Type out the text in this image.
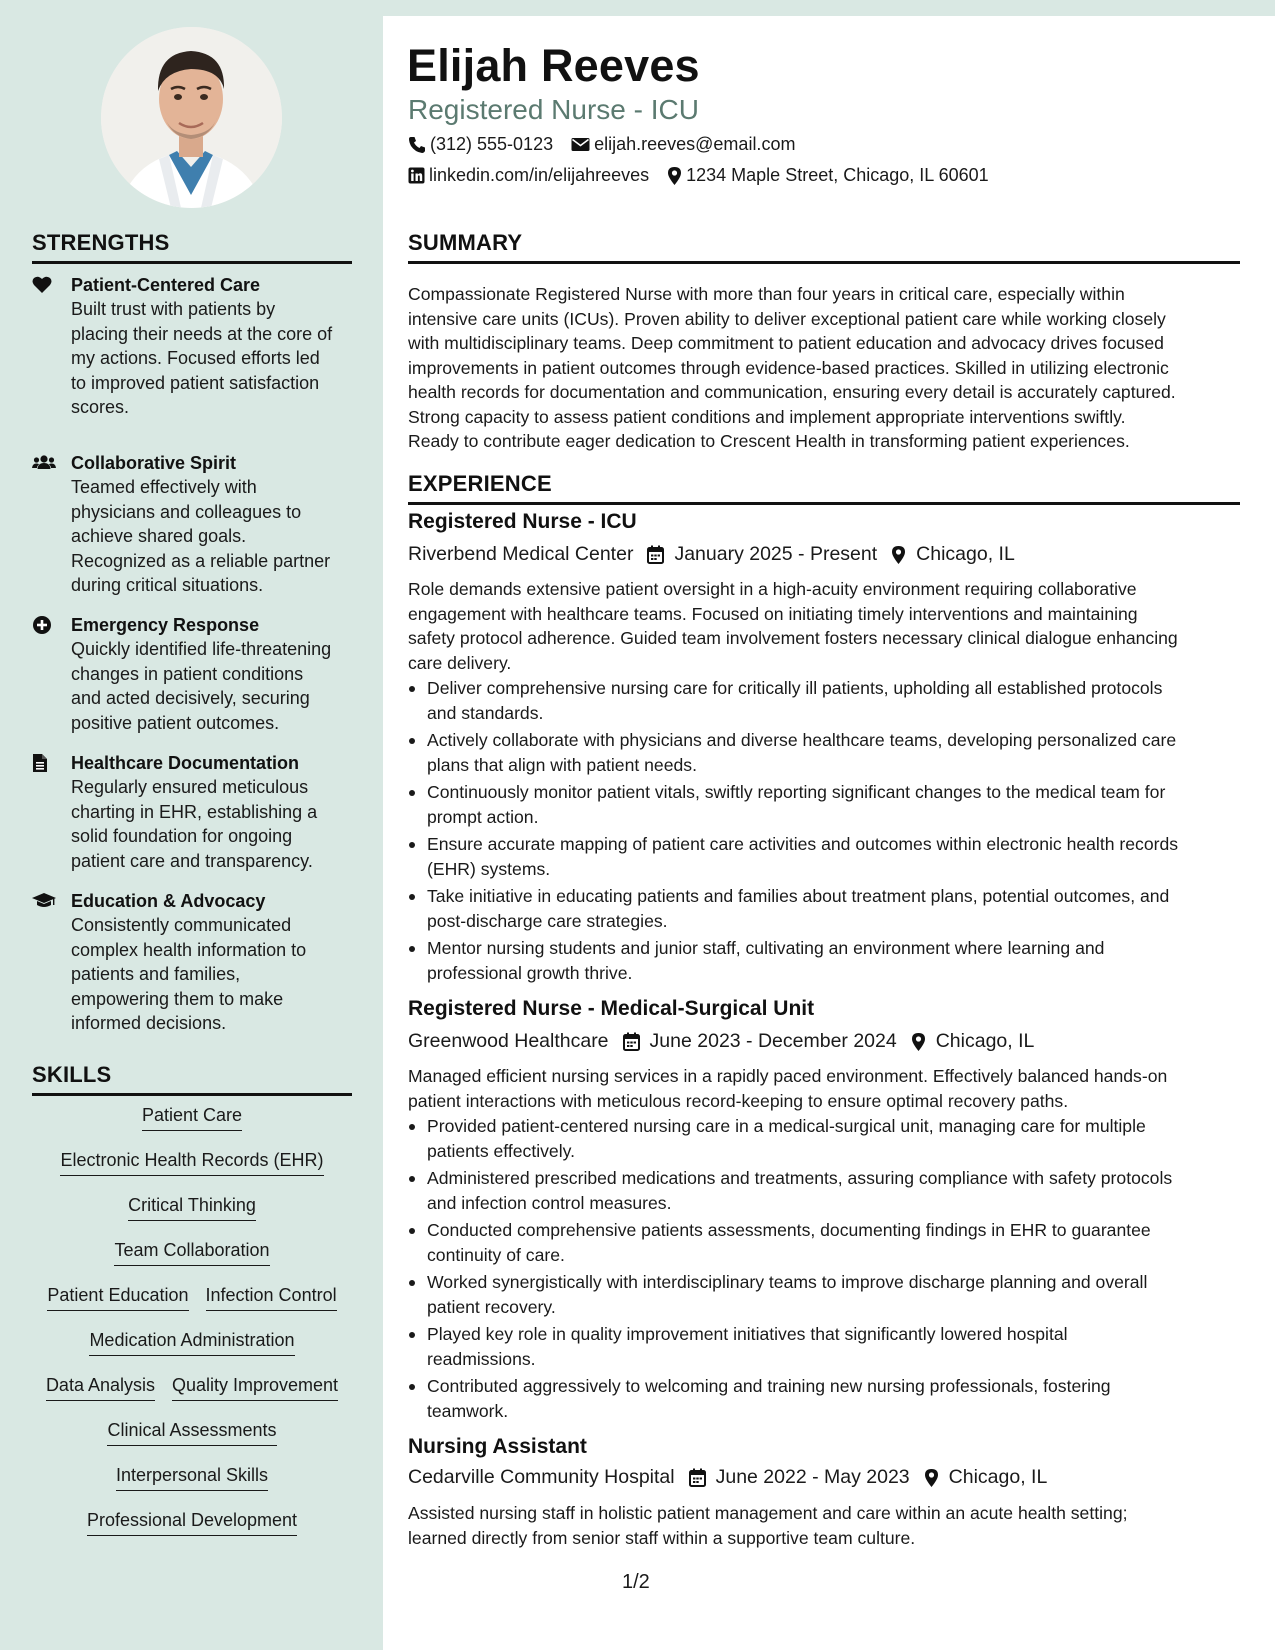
STRENGTHS
Patient-Centered Care
Built trust with patients by
placing their needs at the core of
my actions. Focused efforts led
to improved patient satisfaction
scores.
Collaborative Spirit
Teamed effectively with
physicians and colleagues to
achieve shared goals.
Recognized as a reliable partner
during critical situations.
Emergency Response
Quickly identified life-threatening
changes in patient conditions
and acted decisively, securing
positive patient outcomes.
Healthcare Documentation
Regularly ensured meticulous
charting in EHR, establishing a
solid foundation for ongoing
patient care and transparency.
Education & Advocacy
Consistently communicated
complex health information to
patients and families,
empowering them to make
informed decisions.
SKILLS
Patient Care
Electronic Health Records (EHR)
Critical Thinking
Team Collaboration
Patient Education Infection Control
Medication Administration
Data Analysis Quality Improvement
Clinical Assessments
Interpersonal Skills
Professional Development
Elijah Reeves
Registered Nurse - ICU
(312) 555-0123 elijah.reeves@email.com
linkedin.com/in/elijahreeves 1234 Maple Street, Chicago, IL 60601
SUMMARY
Compassionate Registered Nurse with more than four years in critical care, especially within
intensive care units (ICUs). Proven ability to deliver exceptional patient care while working closely
with multidisciplinary teams. Deep commitment to patient education and advocacy drives focused
improvements in patient outcomes through evidence-based practices. Skilled in utilizing electronic
health records for documentation and communication, ensuring every detail is accurately captured.
Strong capacity to assess patient conditions and implement appropriate interventions swiftly.
Ready to contribute eager dedication to Crescent Health in transforming patient experiences.
EXPERIENCE
Registered Nurse - ICU
Riverbend Medical Center January 2025 - Present Chicago, IL
Role demands extensive patient oversight in a high-acuity environment requiring collaborative
engagement with healthcare teams. Focused on initiating timely interventions and maintaining
safety protocol adherence. Guided team involvement fosters necessary clinical dialogue enhancing
care delivery.
Deliver comprehensive nursing care for critically ill patients, upholding all established protocols
and standards.
Actively collaborate with physicians and diverse healthcare teams, developing personalized care
plans that align with patient needs.
Continuously monitor patient vitals, swiftly reporting significant changes to the medical team for
prompt action.
Ensure accurate mapping of patient care activities and outcomes within electronic health records
(EHR) systems.
Take initiative in educating patients and families about treatment plans, potential outcomes, and
post-discharge care strategies.
Mentor nursing students and junior staff, cultivating an environment where learning and
professional growth thrive.
Registered Nurse - Medical-Surgical Unit
Greenwood Healthcare June 2023 - December 2024 Chicago, IL
Managed efficient nursing services in a rapidly paced environment. Effectively balanced hands-on
patient interactions with meticulous record-keeping to ensure optimal recovery paths.
Provided patient-centered nursing care in a medical-surgical unit, managing care for multiple
patients effectively.
Administered prescribed medications and treatments, assuring compliance with safety protocols
and infection control measures.
Conducted comprehensive patients assessments, documenting findings in EHR to guarantee
continuity of care.
Worked synergistically with interdisciplinary teams to improve discharge planning and overall
patient recovery.
Played key role in quality improvement initiatives that significantly lowered hospital
readmissions.
Contributed aggressively to welcoming and training new nursing professionals, fostering
teamwork.
Nursing Assistant
Cedarville Community Hospital June 2022 - May 2023 Chicago, IL
Assisted nursing staff in holistic patient management and care within an acute health setting;
learned directly from senior staff within a supportive team culture.
1/2
